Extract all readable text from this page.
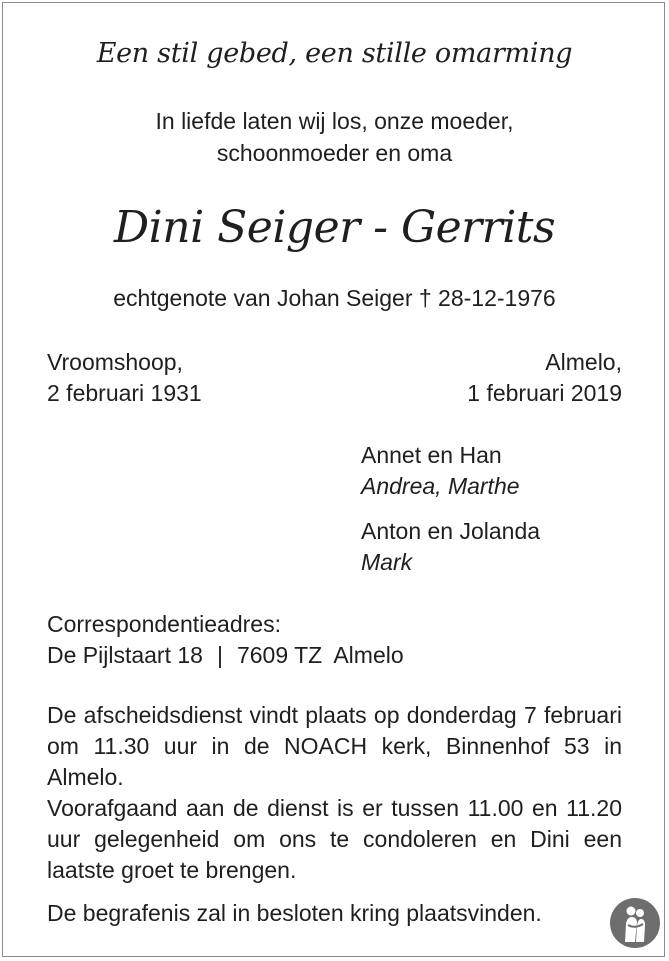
Een stil gebed, een stille omarming
In liefde laten wij los, onze moeder,
schoonmoeder en oma
Dini Seiger - Gerrits
echtgenote van Johan Seiger † 28-12-1976
Vroomshoop,
2 februari 1931
Almelo,
1 februari 2019
Annet en Han
Andrea, Marthe
Anton en Jolanda
Mark
Correspondentieadres:
De Pijlstaart 18 | 7609 TZ Almelo
De afscheidsdienst vindt plaats op donderdag 7 februari om 11.30 uur in de NOACH kerk, Binnenhof 53 in Almelo.
Voorafgaand aan de dienst is er tussen 11.00 en 11.20 uur gelegenheid om ons te condoleren en Dini een laatste groet te brengen.
De begrafenis zal in besloten kring plaatsvinden.
